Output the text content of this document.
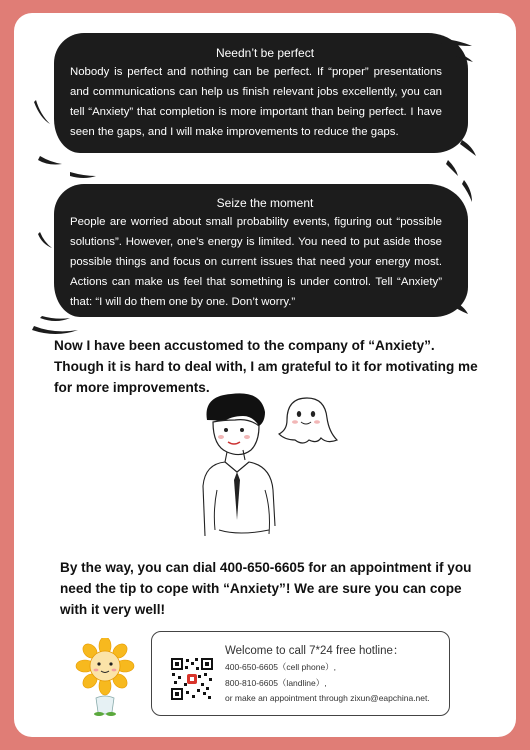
Needn’t be perfect
Nobody is perfect and nothing can be perfect. If “proper” presentations and communications can help us finish relevant jobs excellently, you can tell “Anxiety” that completion is more important than being perfect. I have seen the gaps, and I will make improvements to reduce the gaps.
Seize the moment
People are worried about small probability events, figuring out “possible solutions”. However, one’s energy is limited. You need to put aside those possible things and focus on current issues that need your energy most. Actions can make us feel that something is under control. Tell “Anxiety” that: “I will do them one by one. Don’t worry.”
Now I have been accustomed to the company of “Anxiety”. Though it is hard to deal with, I am grateful to it for motivating me for more improvements.
By the way, you can dial 400-650-6605 for an appointment if you need the tip to cope with “Anxiety”! We are sure you can cope with it very well!
Welcome to call 7*24 free hotline：
400-650-6605（cell phone）,
800-810-6605（landline）,
or make an appointment through zixun@eapchina.net.
